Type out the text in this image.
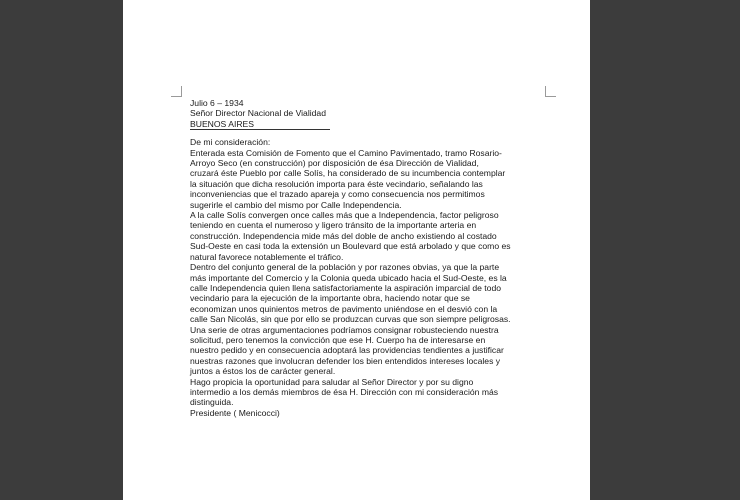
Julio 6 – 1934
Señor Director Nacional de Vialidad
BUENOS AIRES
De mi consideración:
Enterada esta Comisión de Fomento que el Camino Pavimentado, tramo Rosario-
Arroyo Seco (en construcción) por disposición de ésa Dirección de Vialidad,
cruzará éste Pueblo por calle Solís, ha considerado de su incumbencia contemplar
la situación que dicha resolución importa para éste vecindario, señalando las
inconveniencias que el trazado apareja y como consecuencia nos permitimos
sugerirle el cambio del mismo por Calle Independencia.
A la calle Solís convergen once calles más que a Independencia, factor peligroso
teniendo en cuenta el numeroso y ligero tránsito de la importante arteria en
construcción. Independencia mide más del doble de ancho existiendo al costado
Sud-Oeste en casi toda la extensión un Boulevard que está arbolado y que como es
natural favorece notablemente el tráfico.
Dentro del conjunto general de la población y por razones obvias, ya que la parte
más importante del Comercio y la Colonia queda ubicado hacia el Sud-Oeste, es la
calle Independencia quien llena satisfactoriamente la aspiración imparcial de todo
vecindario para la ejecución de la importante obra, haciendo notar que se
economizan unos quinientos metros de pavimento uniéndose en el desvió con la
calle San Nicolás, sin que por ello se produzcan curvas que son siempre peligrosas.
Una serie de otras argumentaciones podríamos consignar robusteciendo nuestra
solicitud, pero tenemos la convicción que ese H. Cuerpo ha de interesarse en
nuestro pedido y en consecuencia adoptará las providencias tendientes a justificar
nuestras razones que involucran defender los bien entendidos intereses locales y
juntos a éstos los de carácter general.
Hago propicia la oportunidad para saludar al Señor Director y por su digno
intermedio a los demás miembros de ésa H. Dirección con mi consideración más
distinguida.
Presidente ( Menicocci)
